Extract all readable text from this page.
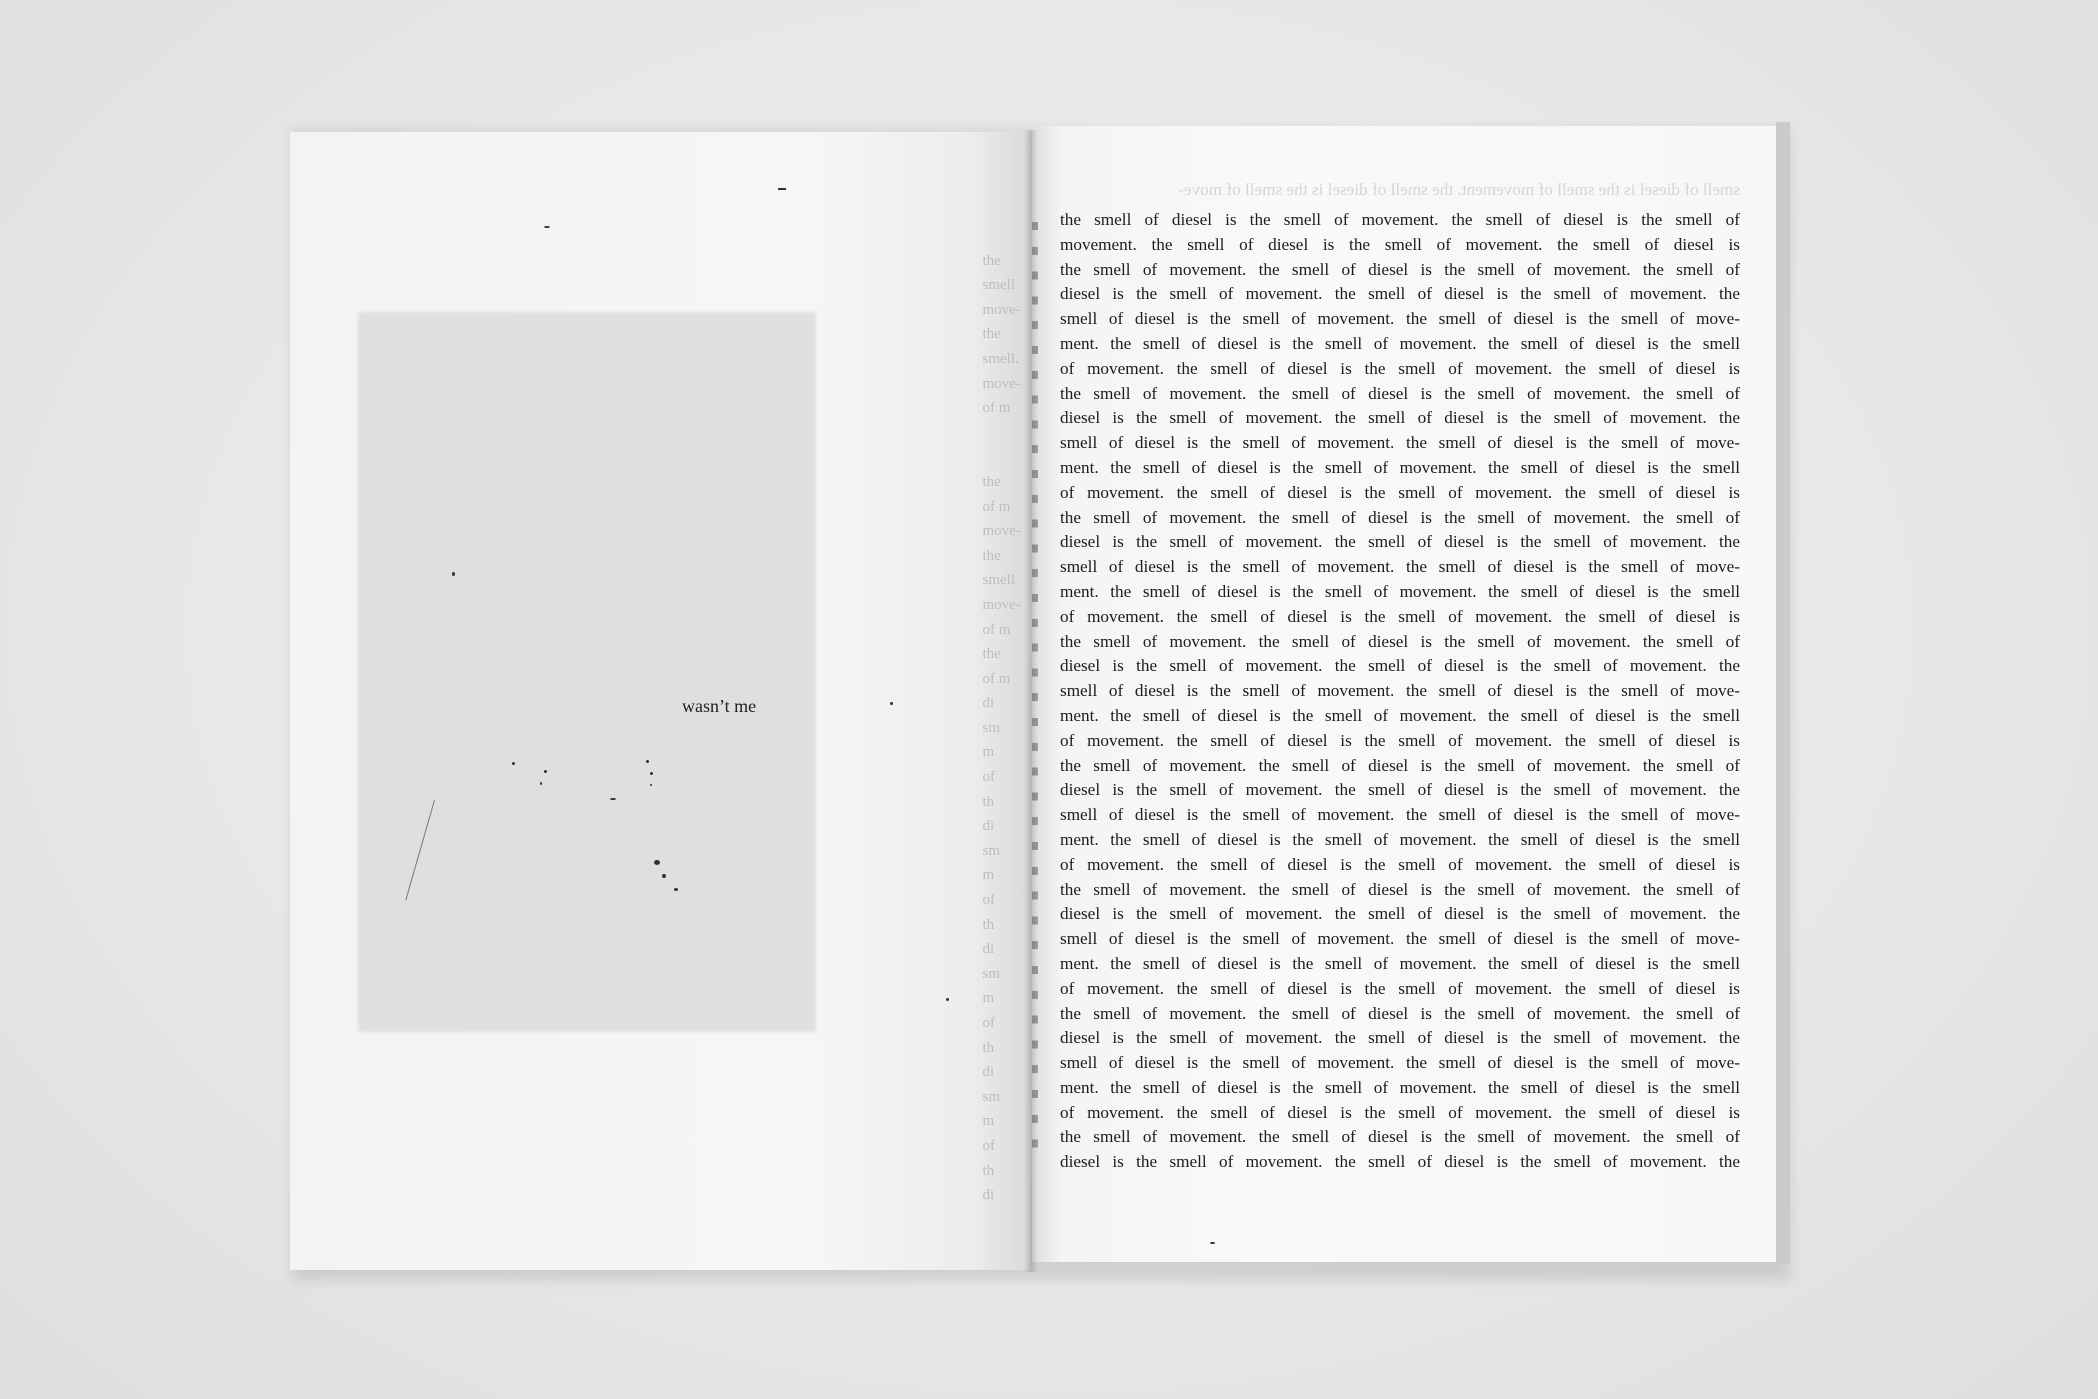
wasn’t me

the
smell
move-
the
smell.
move-
of m

the
of m
move-
the
smell
move-
of m
the
of m
di
sm
m
of
th
di
sm
m
of
th
di
sm
m
of
th
di
sm
m
of
th
di
smell of diesel is the smell of movement. the smell of diesel is the smell of move-
the smell of diesel is the smell of movement. the smell of diesel is the smell of
movement. the smell of diesel is the smell of movement. the smell of diesel is
the smell of movement. the smell of diesel is the smell of movement. the smell of
diesel is the smell of movement. the smell of diesel is the smell of movement. the
smell of diesel is the smell of movement. the smell of diesel is the smell of move-
ment. the smell of diesel is the smell of movement. the smell of diesel is the smell
of movement. the smell of diesel is the smell of movement. the smell of diesel is
the smell of movement. the smell of diesel is the smell of movement. the smell of
diesel is the smell of movement. the smell of diesel is the smell of movement. the
smell of diesel is the smell of movement. the smell of diesel is the smell of move-
ment. the smell of diesel is the smell of movement. the smell of diesel is the smell
of movement. the smell of diesel is the smell of movement. the smell of diesel is
the smell of movement. the smell of diesel is the smell of movement. the smell of
diesel is the smell of movement. the smell of diesel is the smell of movement. the
smell of diesel is the smell of movement. the smell of diesel is the smell of move-
ment. the smell of diesel is the smell of movement. the smell of diesel is the smell
of movement. the smell of diesel is the smell of movement. the smell of diesel is
the smell of movement. the smell of diesel is the smell of movement. the smell of
diesel is the smell of movement. the smell of diesel is the smell of movement. the
smell of diesel is the smell of movement. the smell of diesel is the smell of move-
ment. the smell of diesel is the smell of movement. the smell of diesel is the smell
of movement. the smell of diesel is the smell of movement. the smell of diesel is
the smell of movement. the smell of diesel is the smell of movement. the smell of
diesel is the smell of movement. the smell of diesel is the smell of movement. the
smell of diesel is the smell of movement. the smell of diesel is the smell of move-
ment. the smell of diesel is the smell of movement. the smell of diesel is the smell
of movement. the smell of diesel is the smell of movement. the smell of diesel is
the smell of movement. the smell of diesel is the smell of movement. the smell of
diesel is the smell of movement. the smell of diesel is the smell of movement. the
smell of diesel is the smell of movement. the smell of diesel is the smell of move-
ment. the smell of diesel is the smell of movement. the smell of diesel is the smell
of movement. the smell of diesel is the smell of movement. the smell of diesel is
the smell of movement. the smell of diesel is the smell of movement. the smell of
diesel is the smell of movement. the smell of diesel is the smell of movement. the
smell of diesel is the smell of movement. the smell of diesel is the smell of move-
ment. the smell of diesel is the smell of movement. the smell of diesel is the smell
of movement. the smell of diesel is the smell of movement. the smell of diesel is
the smell of movement. the smell of diesel is the smell of movement. the smell of
diesel is the smell of movement. the smell of diesel is the smell of movement. the
